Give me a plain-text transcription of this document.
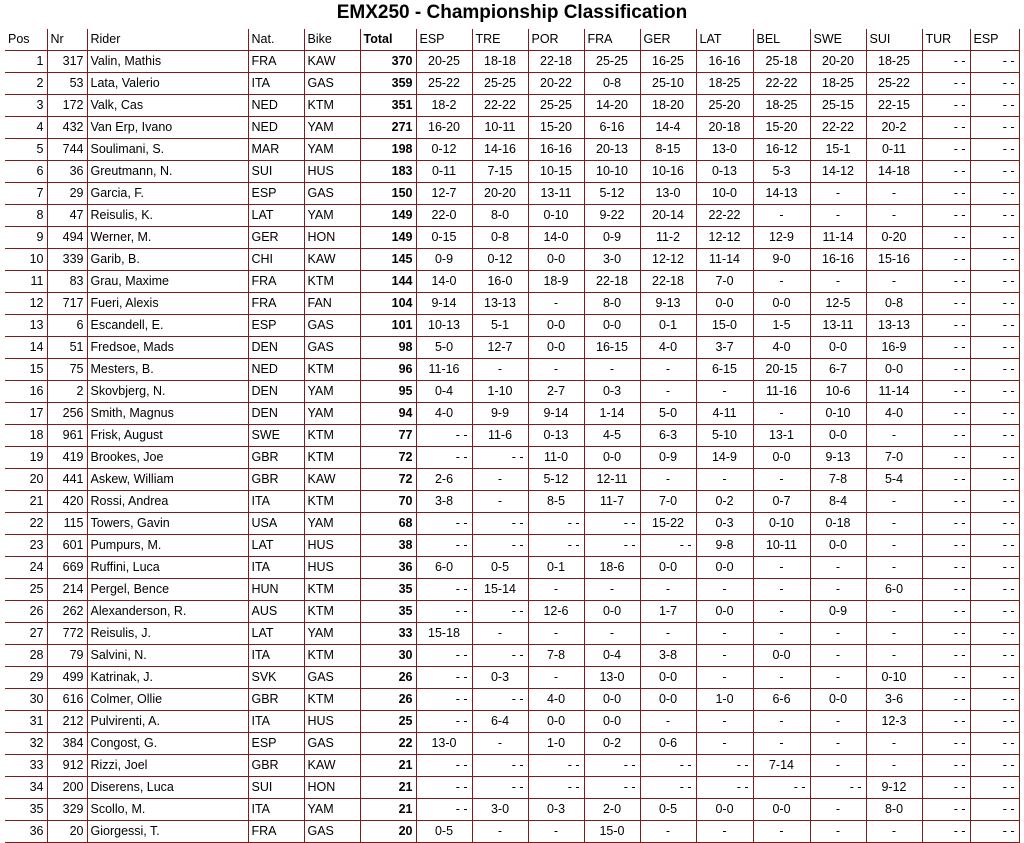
EMX250 - Championship Classification
Pos	Nr	Rider	Nat.	Bike	Total	ESP	TRE	POR	FRA	GER	LAT	BEL	SWE	SUI	TUR	ESP
1	317	Valin, Mathis	FRA	KAW	370	20-25	18-18	22-18	25-25	16-25	16-16	25-18	20-20	18-25	- -	- -
2	53	Lata, Valerio	ITA	GAS	359	25-22	25-25	20-22	0-8	25-10	18-25	22-22	18-25	25-22	- -	- -
3	172	Valk, Cas	NED	KTM	351	18-2	22-22	25-25	14-20	18-20	25-20	18-25	25-15	22-15	- -	- -
4	432	Van Erp, Ivano	NED	YAM	271	16-20	10-11	15-20	6-16	14-4	20-18	15-20	22-22	20-2	- -	- -
5	744	Soulimani, S.	MAR	YAM	198	0-12	14-16	16-16	20-13	8-15	13-0	16-12	15-1	0-11	- -	- -
6	36	Greutmann, N.	SUI	HUS	183	0-11	7-15	10-15	10-10	10-16	0-13	5-3	14-12	14-18	- -	- -
7	29	Garcia, F.	ESP	GAS	150	12-7	20-20	13-11	5-12	13-0	10-0	14-13	-	-	- -	- -
8	47	Reisulis, K.	LAT	YAM	149	22-0	8-0	0-10	9-22	20-14	22-22	-	-	-	- -	- -
9	494	Werner, M.	GER	HON	149	0-15	0-8	14-0	0-9	11-2	12-12	12-9	11-14	0-20	- -	- -
10	339	Garib, B.	CHI	KAW	145	0-9	0-12	0-0	3-0	12-12	11-14	9-0	16-16	15-16	- -	- -
11	83	Grau, Maxime	FRA	KTM	144	14-0	16-0	18-9	22-18	22-18	7-0	-	-	-	- -	- -
12	717	Fueri, Alexis	FRA	FAN	104	9-14	13-13	-	8-0	9-13	0-0	0-0	12-5	0-8	- -	- -
13	6	Escandell, E.	ESP	GAS	101	10-13	5-1	0-0	0-0	0-1	15-0	1-5	13-11	13-13	- -	- -
14	51	Fredsoe, Mads	DEN	GAS	98	5-0	12-7	0-0	16-15	4-0	3-7	4-0	0-0	16-9	- -	- -
15	75	Mesters, B.	NED	KTM	96	11-16	-	-	-	-	6-15	20-15	6-7	0-0	- -	- -
16	2	Skovbjerg, N.	DEN	YAM	95	0-4	1-10	2-7	0-3	-	-	11-16	10-6	11-14	- -	- -
17	256	Smith, Magnus	DEN	YAM	94	4-0	9-9	9-14	1-14	5-0	4-11	-	0-10	4-0	- -	- -
18	961	Frisk, August	SWE	KTM	77	- -	11-6	0-13	4-5	6-3	5-10	13-1	0-0	-	- -	- -
19	419	Brookes, Joe	GBR	KTM	72	- -	- -	11-0	0-0	0-9	14-9	0-0	9-13	7-0	- -	- -
20	441	Askew, William	GBR	KAW	72	2-6	-	5-12	12-11	-	-	-	7-8	5-4	- -	- -
21	420	Rossi, Andrea	ITA	KTM	70	3-8	-	8-5	11-7	7-0	0-2	0-7	8-4	-	- -	- -
22	115	Towers, Gavin	USA	YAM	68	- -	- -	- -	- -	15-22	0-3	0-10	0-18	-	- -	- -
23	601	Pumpurs, M.	LAT	HUS	38	- -	- -	- -	- -	- -	9-8	10-11	0-0	-	- -	- -
24	669	Ruffini, Luca	ITA	HUS	36	6-0	0-5	0-1	18-6	0-0	0-0	-	-	-	- -	- -
25	214	Pergel, Bence	HUN	KTM	35	- -	15-14	-	-	-	-	-	-	6-0	- -	- -
26	262	Alexanderson, R.	AUS	KTM	35	- -	- -	12-6	0-0	1-7	0-0	-	0-9	-	- -	- -
27	772	Reisulis, J.	LAT	YAM	33	15-18	-	-	-	-	-	-	-	-	- -	- -
28	79	Salvini, N.	ITA	KTM	30	- -	- -	7-8	0-4	3-8	-	0-0	-	-	- -	- -
29	499	Katrinak, J.	SVK	GAS	26	- -	0-3	-	13-0	0-0	-	-	-	0-10	- -	- -
30	616	Colmer, Ollie	GBR	KTM	26	- -	- -	4-0	0-0	0-0	1-0	6-6	0-0	3-6	- -	- -
31	212	Pulvirenti, A.	ITA	HUS	25	- -	6-4	0-0	0-0	-	-	-	-	12-3	- -	- -
32	384	Congost, G.	ESP	GAS	22	13-0	-	1-0	0-2	0-6	-	-	-	-	- -	- -
33	912	Rizzi, Joel	GBR	KAW	21	- -	- -	- -	- -	- -	- -	7-14	-	-	- -	- -
34	200	Diserens, Luca	SUI	HON	21	- -	- -	- -	- -	- -	- -	- -	- -	9-12	- -	- -
35	329	Scollo, M.	ITA	YAM	21	- -	3-0	0-3	2-0	0-5	0-0	0-0	-	8-0	- -	- -
36	20	Giorgessi, T.	FRA	GAS	20	0-5	-	-	15-0	-	-	-	-	-	- -	- -
